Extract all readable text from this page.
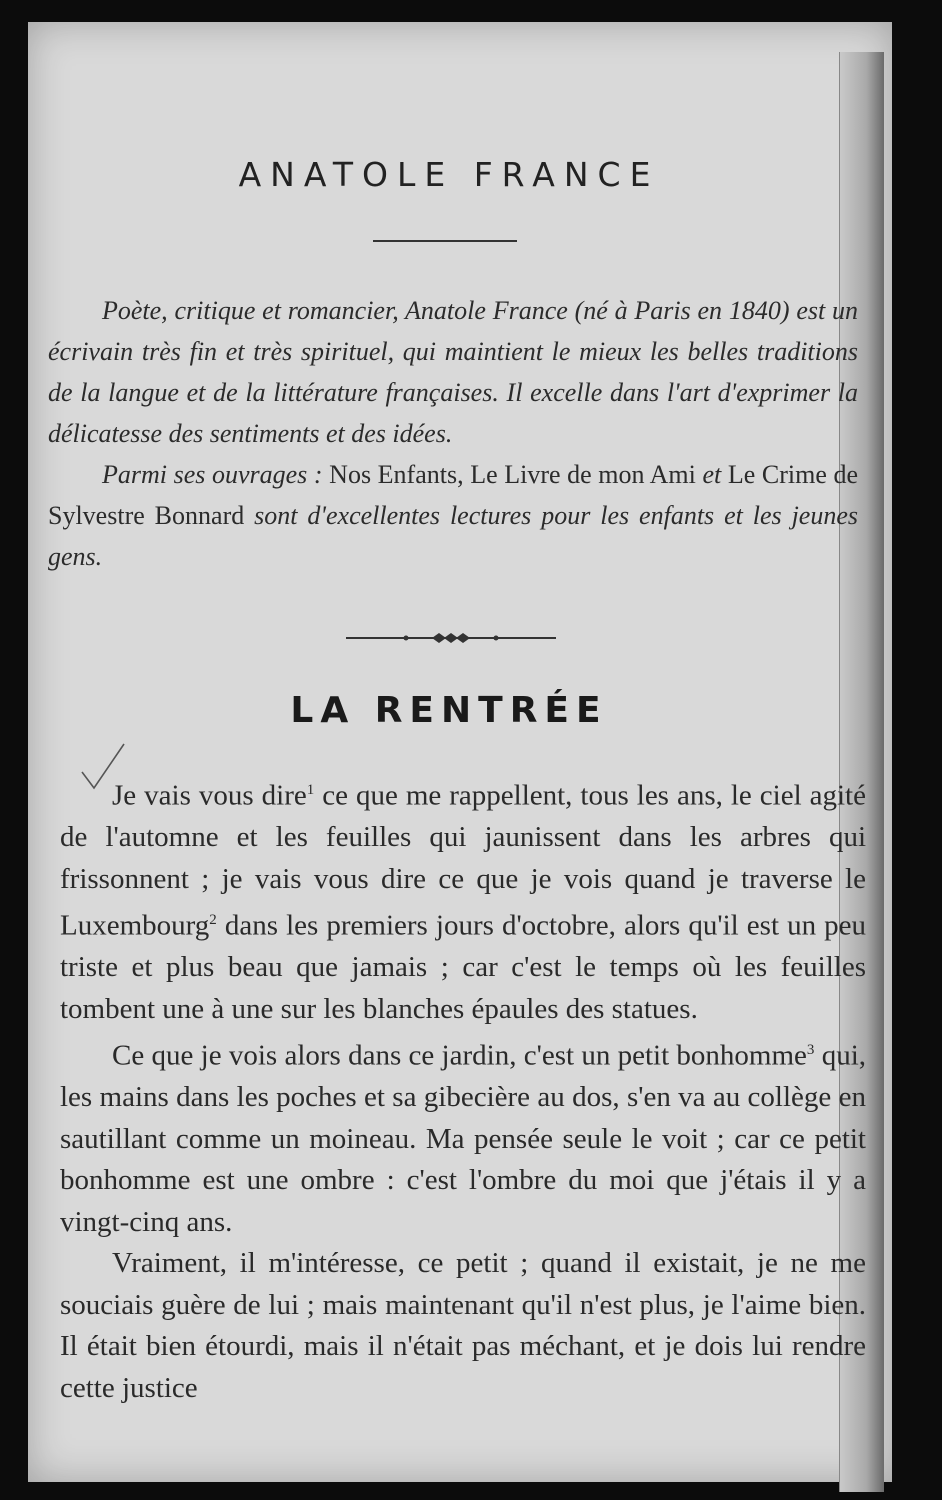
ANATOLE FRANCE

Poète, critique et romancier, Anatole France (né à Paris en 1840) est un écrivain très fin et très spirituel, qui maintient le mieux les belles traditions de la langue et de la littérature françaises. Il excelle dans l'art d'exprimer la délicatesse des sentiments et des idées.

Parmi ses ouvrages : Nos Enfants, Le Livre de mon Ami et Le Crime de Sylvestre Bonnard sont d'excellentes lectures pour les enfants et les jeunes gens.

LA RENTRÉE

Je vais vous dire$^1$ ce que me rappellent, tous les ans, le ciel agité de l'automne et les feuilles qui jaunissent dans les arbres qui frissonnent ; je vais vous dire ce que je vois quand je traverse le Luxembourg$^2$ dans les premiers jours d'octobre, alors qu'il est un peu triste et plus beau que jamais ; car c'est le temps où les feuilles tombent une à une sur les blanches épaules des statues.

Ce que je vois alors dans ce jardin, c'est un petit bonhomme$^3$ qui, les mains dans les poches et sa gibecière au dos, s'en va au collège en sautillant comme un moineau. Ma pensée seule le voit ; car ce petit bonhomme est une ombre : c'est l'ombre du moi que j'étais il y a vingt-cinq ans.

Vraiment, il m'intéresse, ce petit ; quand il existait, je ne me souciais guère de lui ; mais maintenant qu'il n'est plus, je l'aime bien. Il était bien étourdi, mais il n'était pas méchant, et je dois lui rendre cette justice
